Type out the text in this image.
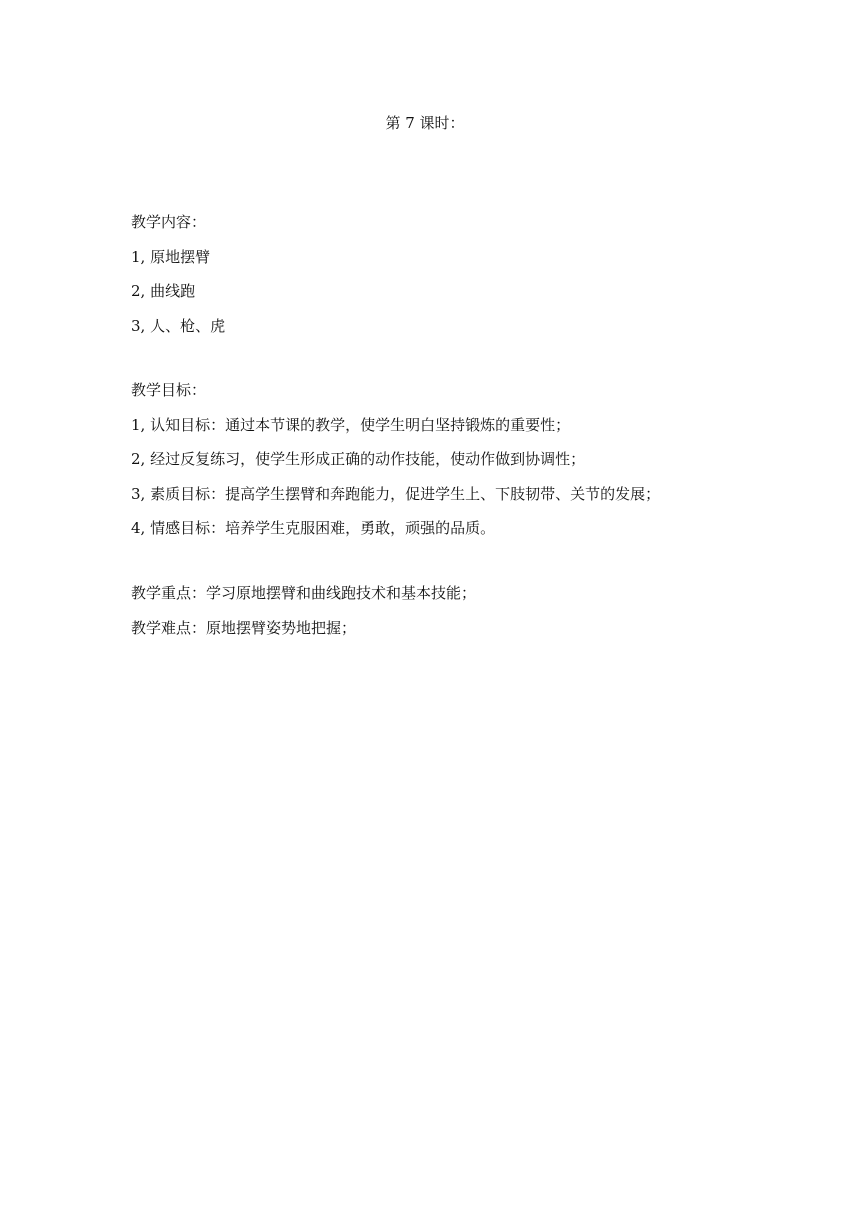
第 7 课时：
教学内容：
1, 原地摆臂
2, 曲线跑
3, 人、枪、虎
教学目标：
1, 认知目标：通过本节课的教学，使学生明白坚持锻炼的重要性；
2, 经过反复练习，使学生形成正确的动作技能，使动作做到协调性；
3, 素质目标：提高学生摆臂和奔跑能力，促进学生上、下肢韧带、关节的发展；
4, 情感目标：培养学生克服困难，勇敢，顽强的品质。
教学重点：学习原地摆臂和曲线跑技术和基本技能；
教学难点：原地摆臂姿势地把握；
